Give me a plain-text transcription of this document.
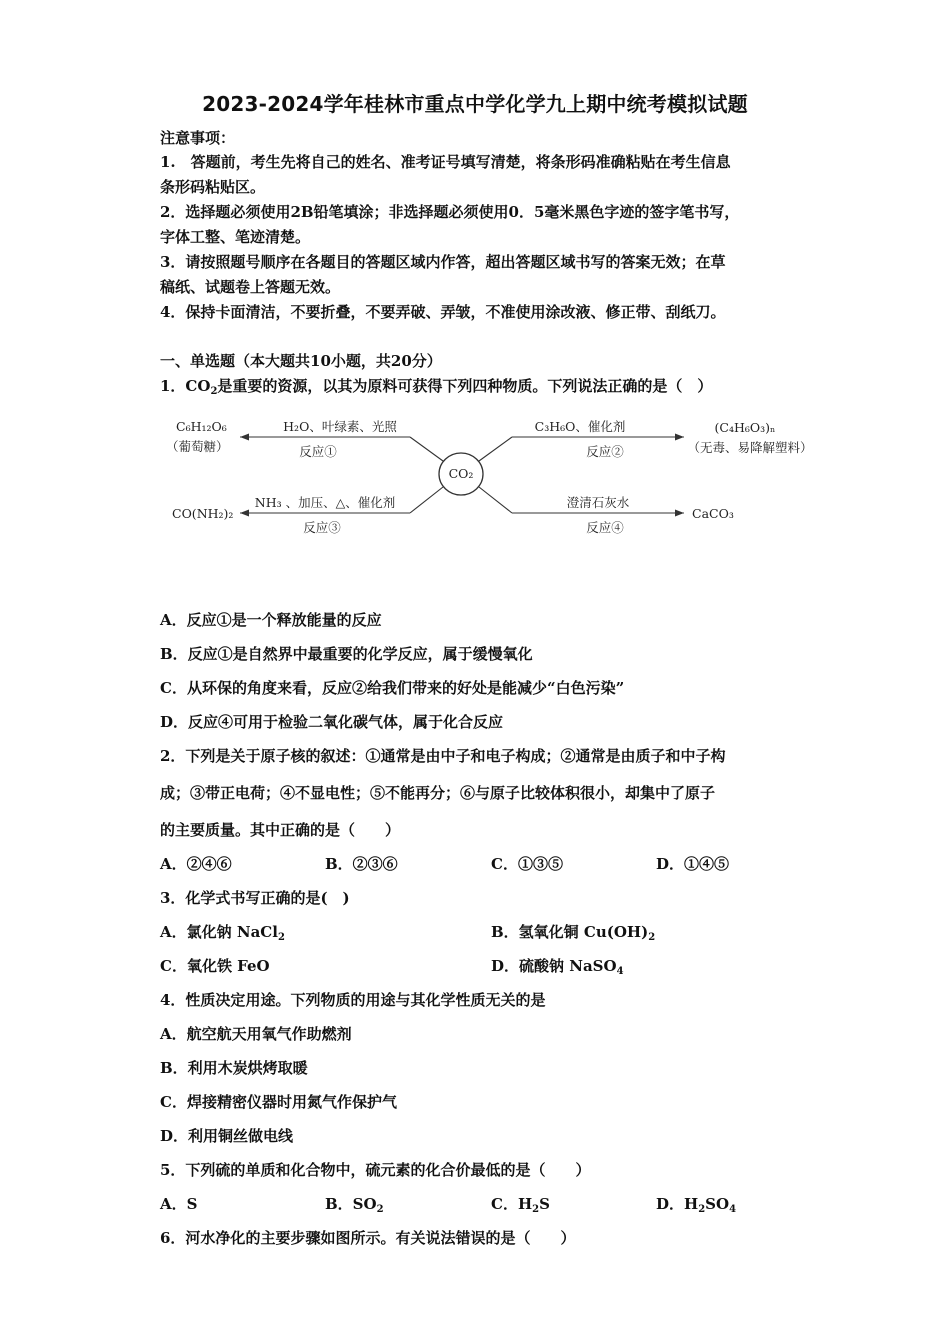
2023-2024学年桂林市重点中学化学九上期中统考模拟试题
注意事项：
1.　答题前，考生先将自己的姓名、准考证号填写清楚，将条形码准确粘贴在考生信息
条形码粘贴区。
2．选择题必须使用2B铅笔填涂；非选择题必须使用0．5毫米黑色字迹的签字笔书写，
字体工整、笔迹清楚。
3．请按照题号顺序在各题目的答题区域内作答，超出答题区域书写的答案无效；在草
稿纸、试题卷上答题无效。
4．保持卡面清洁，不要折叠，不要弄破、弄皱，不准使用涂改液、修正带、刮纸刀。
一、单选题（本大题共10小题，共20分）
1．$CO_2$是重要的资源，以其为原料可获得下列四种物质。下列说法正确的是（　）
CO₂
C₆H₁₂O₆
（葡萄糖）
H₂O、叶绿素、光照
反应①
C₃H₆O、催化剂
反应②
(C₄H₆O₃)ₙ
（无毒、易降解塑料）
CO(NH₂)₂
NH₃ 、加压、△、催化剂
反应③
澄清石灰水
反应④
CaCO₃
A．反应①是一个释放能量的反应
B．反应①是自然界中最重要的化学反应，属于缓慢氧化
C．从环保的角度来看，反应②给我们带来的好处是能减少“白色污染”
D．反应④可用于检验二氧化碳气体，属于化合反应
2．下列是关于原子核的叙述：①通常是由中子和电子构成；②通常是由质子和中子构
成；③带正电荷；④不显电性；⑤不能再分；⑥与原子比较体积很小，却集中了原子
的主要质量。其中正确的是（　　）
A．②④⑥	B．②③⑥	C．①③⑤	D．①④⑤
3．化学式书写正确的是(　)
A．氯化钠 NaCl$_2$	B．氢氧化铜 $Cu(OH)_2$
C．氧化铁 FeO	D．硫酸钠 NaSO$_4$
4．性质决定用途。下列物质的用途与其化学性质无关的是
A．航空航天用氧气作助燃剂
B．利用木炭烘烤取暖
C．焊接精密仪器时用氮气作保护气
D．利用铜丝做电线
5．下列硫的单质和化合物中，硫元素的化合价最低的是（　　）
A．S	B．$SO_2$	C．$H_2S$	D．$H_2SO_4$
6．河水净化的主要步骤如图所示。有关说法错误的是（　　）
